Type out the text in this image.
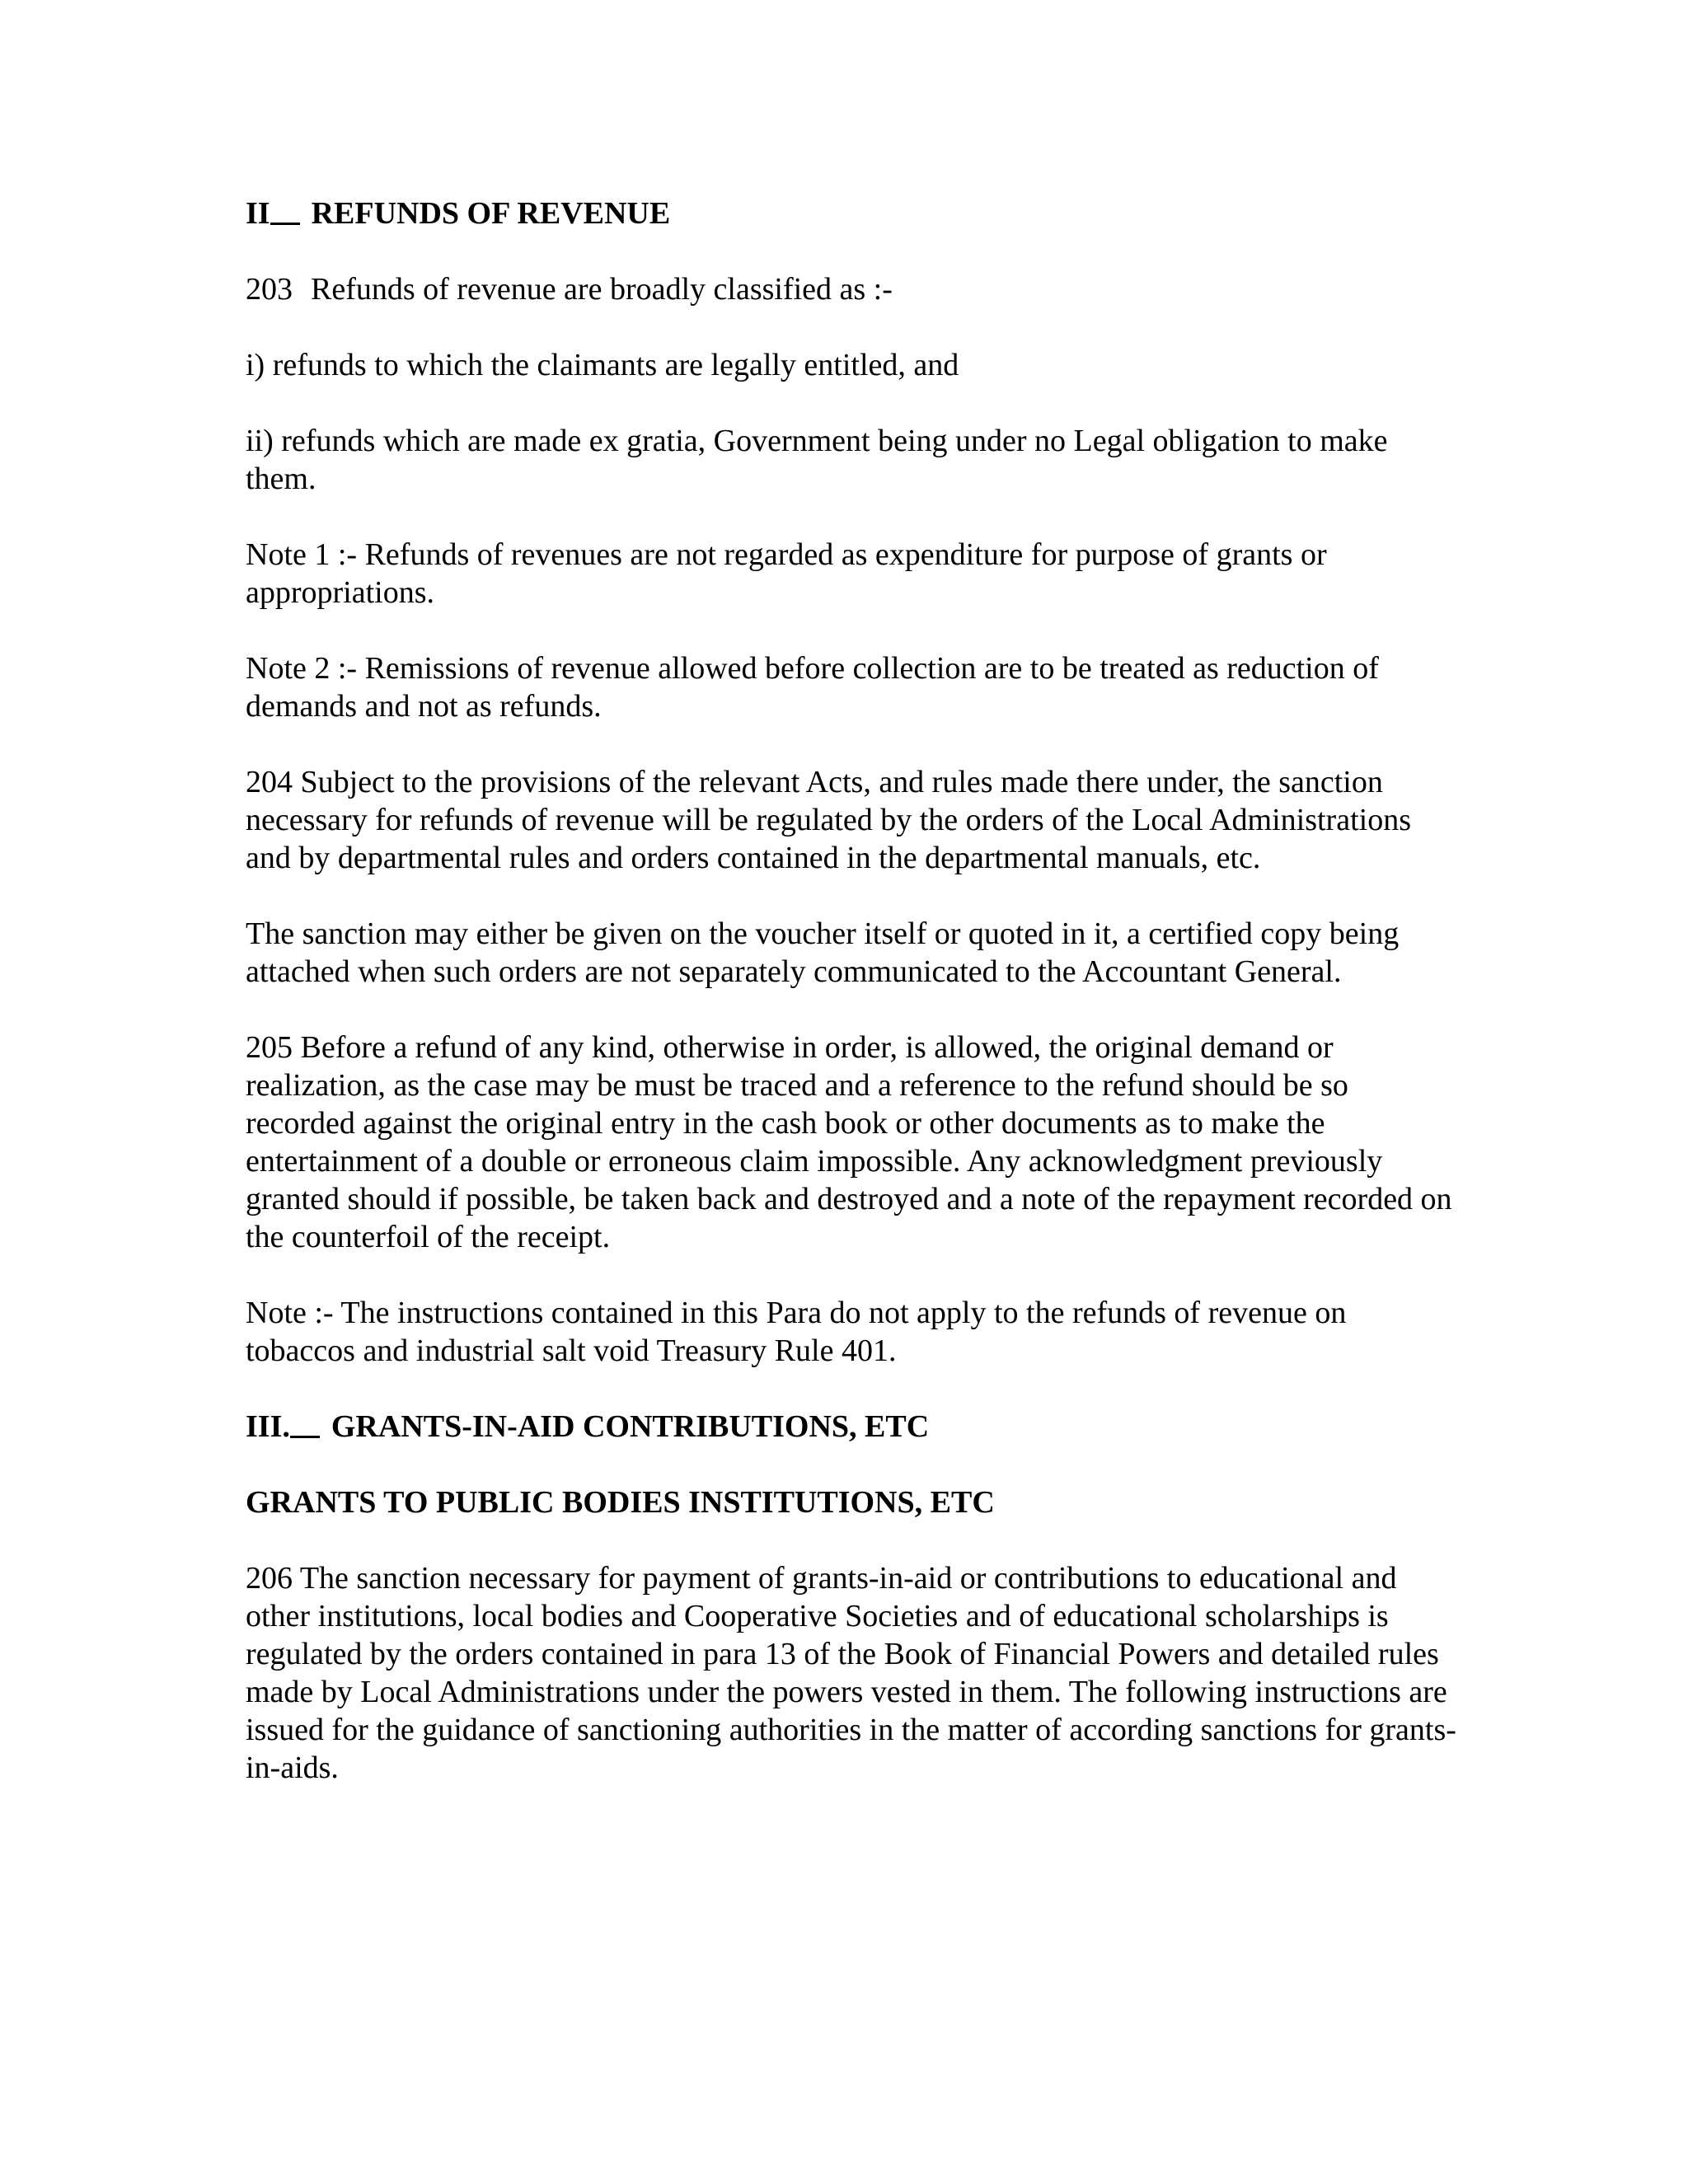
II REFUNDS OF REVENUE

203 Refunds of revenue are broadly classified as :-

i) refunds to which the claimants are legally entitled, and

ii) refunds which are made ex gratia, Government being under no Legal obligation to make them.

Note 1 :- Refunds of revenues are not regarded as expenditure for purpose of grants or appropriations.

Note 2 :- Remissions of revenue allowed before collection are to be treated as reduction of demands and not as refunds.

204 Subject to the provisions of the relevant Acts, and rules made there under, the sanction necessary for refunds of revenue will be regulated by the orders of the Local Administrations and by departmental rules and orders contained in the departmental manuals, etc.

The sanction may either be given on the voucher itself or quoted in it, a certified copy being attached when such orders are not separately communicated to the Accountant General.

205 Before a refund of any kind, otherwise in order, is allowed, the original demand or realization, as the case may be must be traced and a reference to the refund should be so recorded against the original entry in the cash book or other documents as to make the entertainment of a double or erroneous claim impossible. Any acknowledgment previously granted should if possible, be taken back and destroyed and a note of the repayment recorded on the counterfoil of the receipt.

Note :- The instructions contained in this Para do not apply to the refunds of revenue on tobaccos and industrial salt void Treasury Rule 401.

III. GRANTS-IN-AID CONTRIBUTIONS, ETC
GRANTS TO PUBLIC BODIES INSTITUTIONS, ETC

206 The sanction necessary for payment of grants-in-aid or contributions to educational and other institutions, local bodies and Cooperative Societies and of educational scholarships is regulated by the orders contained in para 13 of the Book of Financial Powers and detailed rules made by Local Administrations under the powers vested in them. The following instructions are issued for the guidance of sanctioning authorities in the matter of according sanctions for grants-in-aids.
